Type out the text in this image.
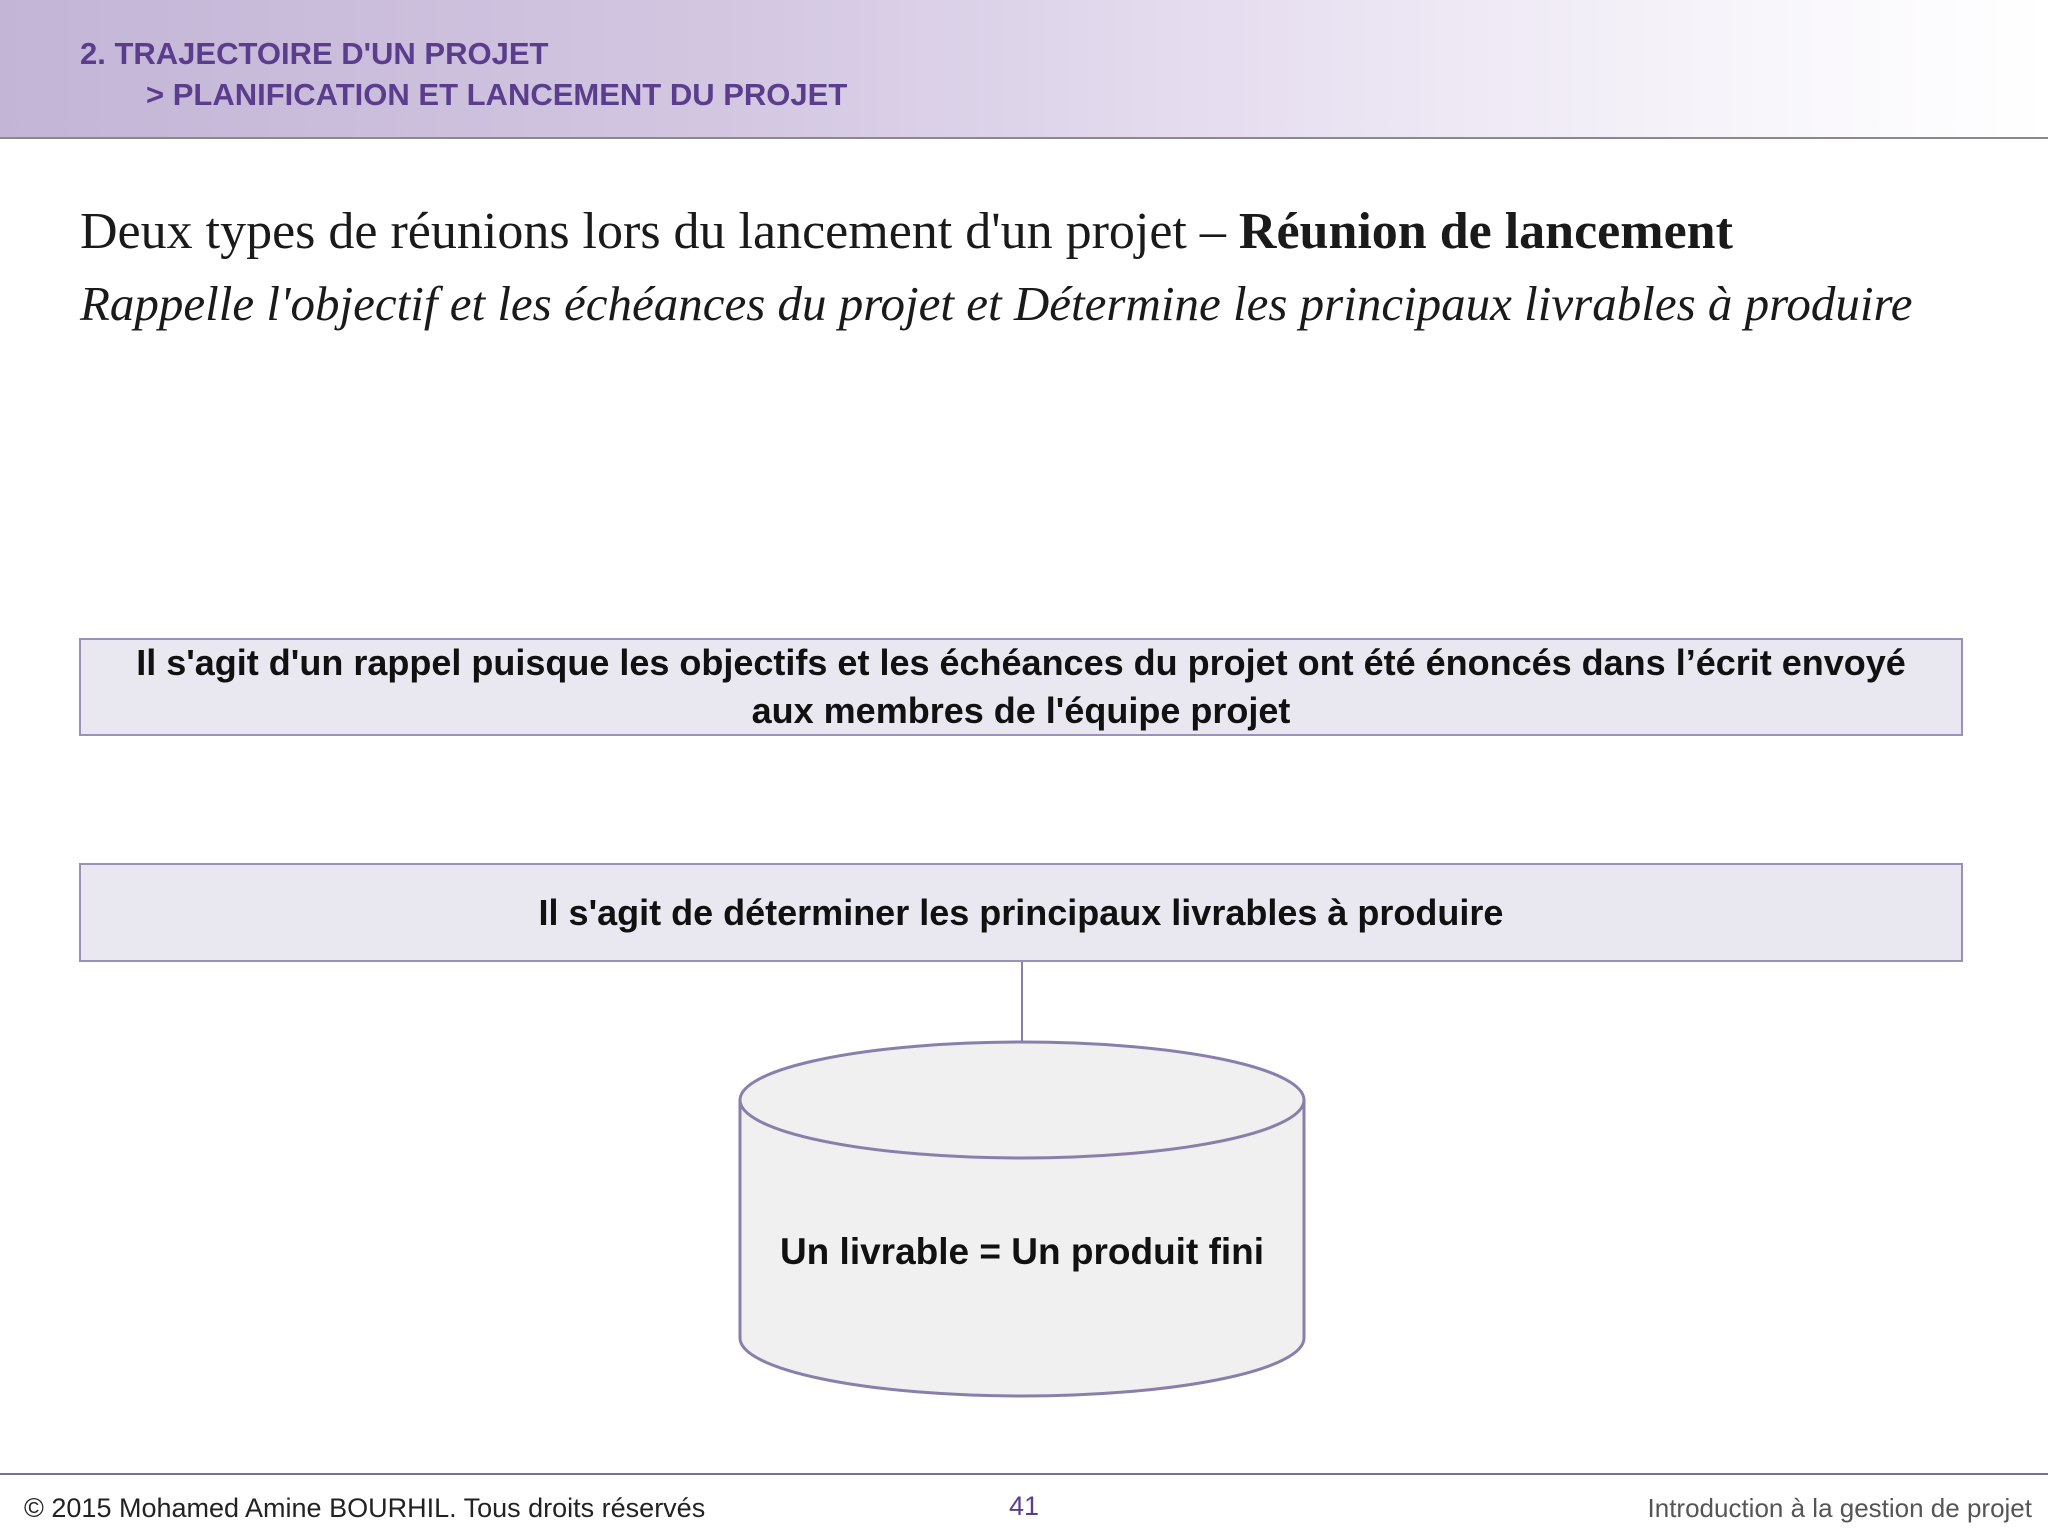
2. TRAJECTOIRE D'UN PROJET
> PLANIFICATION ET LANCEMENT DU PROJET
Deux types de réunions lors du lancement d'un projet – Réunion de lancement
Rappelle l'objectif et les échéances du projet et Détermine les principaux livrables à produire
Il s'agit d'un rappel puisque les objectifs et les échéances du projet ont été énoncés dans l’écrit envoyé aux membres de l'équipe projet
Il s'agit de déterminer les principaux livrables à produire
Un livrable = Un produit fini
© 2015 Mohamed Amine BOURHIL. Tous droits réservés	41	Introduction à la gestion de projet
